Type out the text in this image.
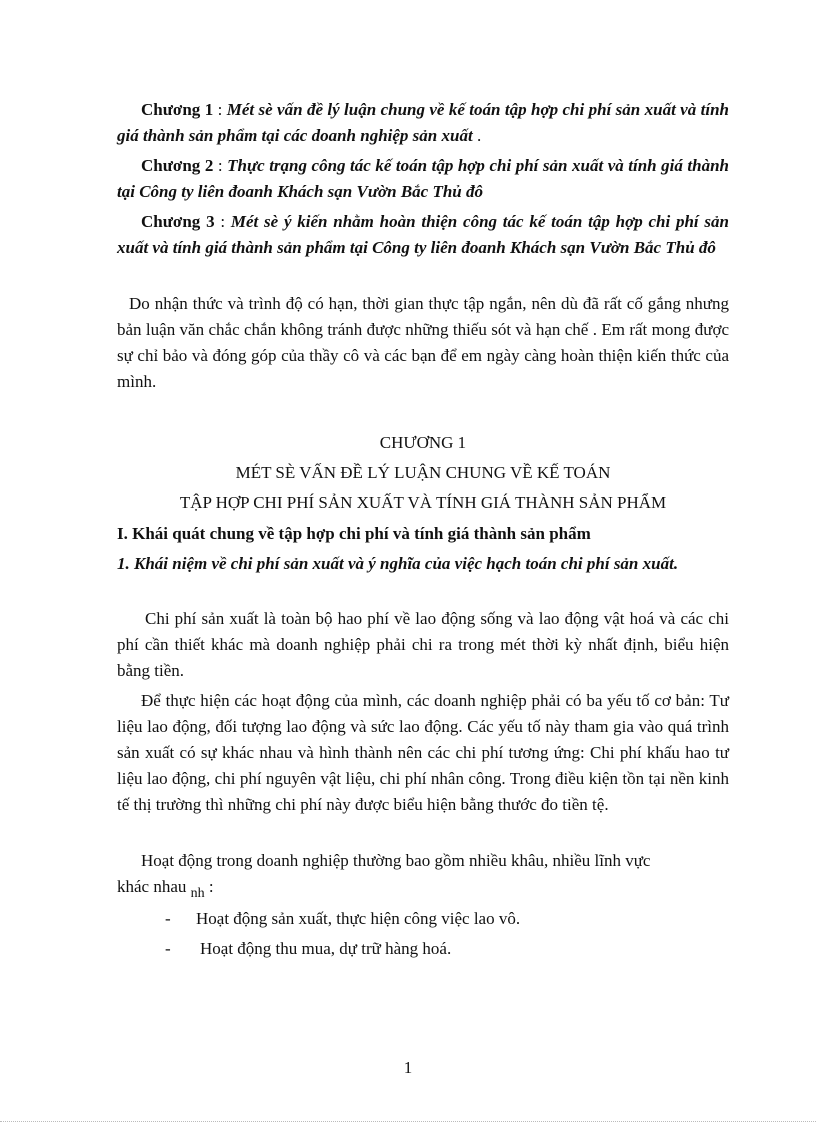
Chương 1 : Mét sè vấn đề lý luận chung về kế toán tập hợp chi phí sản xuất và tính giá thành sản phẩm tại các doanh nghiệp sản xuất .
Chương 2 : Thực trạng công tác kế toán tập hợp chi phí sản xuất và tính giá thành tại Công ty liên đoanh Khách sạn Vườn Bắc Thủ đô
Chương 3 : Mét sè ý kiến nhằm hoàn thiện công tác kế toán tập hợp chi phí sản xuất và tính giá thành sản phẩm tại Công ty liên đoanh Khách sạn Vườn Bắc Thủ đô
Do nhận thức và trình độ có hạn, thời gian thực tập ngắn, nên dù đã rất cố gắng nhưng bản luận văn chắc chắn không tránh được những thiếu sót và hạn chế . Em rất mong được sự chỉ bảo và đóng góp của thầy cô và các bạn để em ngày càng hoàn thiện kiến thức của mình.
CHƯƠNG 1
MÉT SÈ VẤN ĐỀ LÝ LUẬN CHUNG VỀ KẾ TOÁN
TẬP HỢP CHI PHÍ SẢN XUẤT VÀ TÍNH GIÁ THÀNH SẢN PHẨM
I. Khái quát chung về tập hợp chi phí và tính giá thành sản phẩm
1. Khái niệm về chi phí sản xuất và ý nghĩa của việc hạch toán chi phí sản xuất.
Chi phí sản xuất là toàn bộ hao phí về lao động sống và lao động vật hoá và các chi phí cần thiết khác mà doanh nghiệp phải chi ra trong mét thời kỳ nhất định, biểu hiện bằng tiền.
Để thực hiện các hoạt động của mình, các doanh nghiệp phải có ba yếu tố cơ bản: Tư liệu lao động, đối tượng lao động và sức lao động. Các yếu tố này tham gia vào quá trình sản xuất có sự khác nhau và hình thành nên các chi phí tương ứng: Chi phí khấu hao tư liệu lao động, chi phí nguyên vật liệu, chi phí nhân công. Trong điều kiện tồn tại nền kinh tế thị trường thì những chi phí này được biểu hiện bằng thước đo tiền tệ.
Hoạt động trong doanh nghiệp thường bao gồm nhiều khâu, nhiều lĩnh vực
khác nhau $_{nh}$ :
- Hoạt động sản xuất, thực hiện công việc lao vô.
- Hoạt động thu mua, dự trữ hàng hoá.
1
